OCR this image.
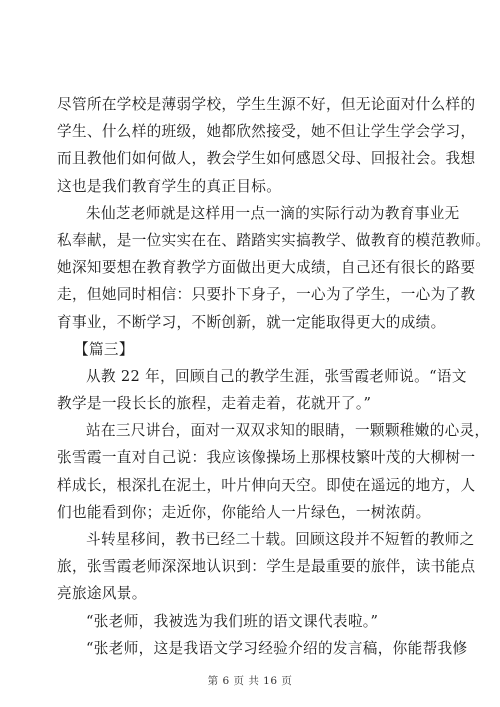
尽管所在学校是薄弱学校，学生生源不好，但无论面对什么样的
学生、什么样的班级，她都欣然接受，她不但让学生学会学习，
而且教他们如何做人，教会学生如何感恩父母、回报社会。我想
这也是我们教育学生的真正目标。
朱仙芝老师就是这样用一点一滴的实际行动为教育事业无
私奉献，是一位实实在在、踏踏实实搞教学、做教育的模范教师。
她深知要想在教育教学方面做出更大成绩，自己还有很长的路要
走，但她同时相信：只要扑下身子，一心为了学生，一心为了教
育事业，不断学习，不断创新，就一定能取得更大的成绩。
【篇三】
从教 22 年，回顾自己的教学生涯，张雪霞老师说。“语文
教学是一段长长的旅程，走着走着，花就开了。”
站在三尺讲台，面对一双双求知的眼睛，一颗颗稚嫩的心灵，
张雪霞一直对自己说：我应该像操场上那棵枝繁叶茂的大柳树一
样成长，根深扎在泥土，叶片伸向天空。即使在遥远的地方，人
们也能看到你；走近你，你能给人一片绿色，一树浓荫。
斗转星移间，教书已经二十载。回顾这段并不短暂的教师之
旅，张雪霞老师深深地认识到：学生是最重要的旅伴，读书能点
亮旅途风景。
“张老师，我被选为我们班的语文课代表啦。”
“张老师，这是我语文学习经验介绍的发言稿，你能帮我修
第 6 页 共 16 页
